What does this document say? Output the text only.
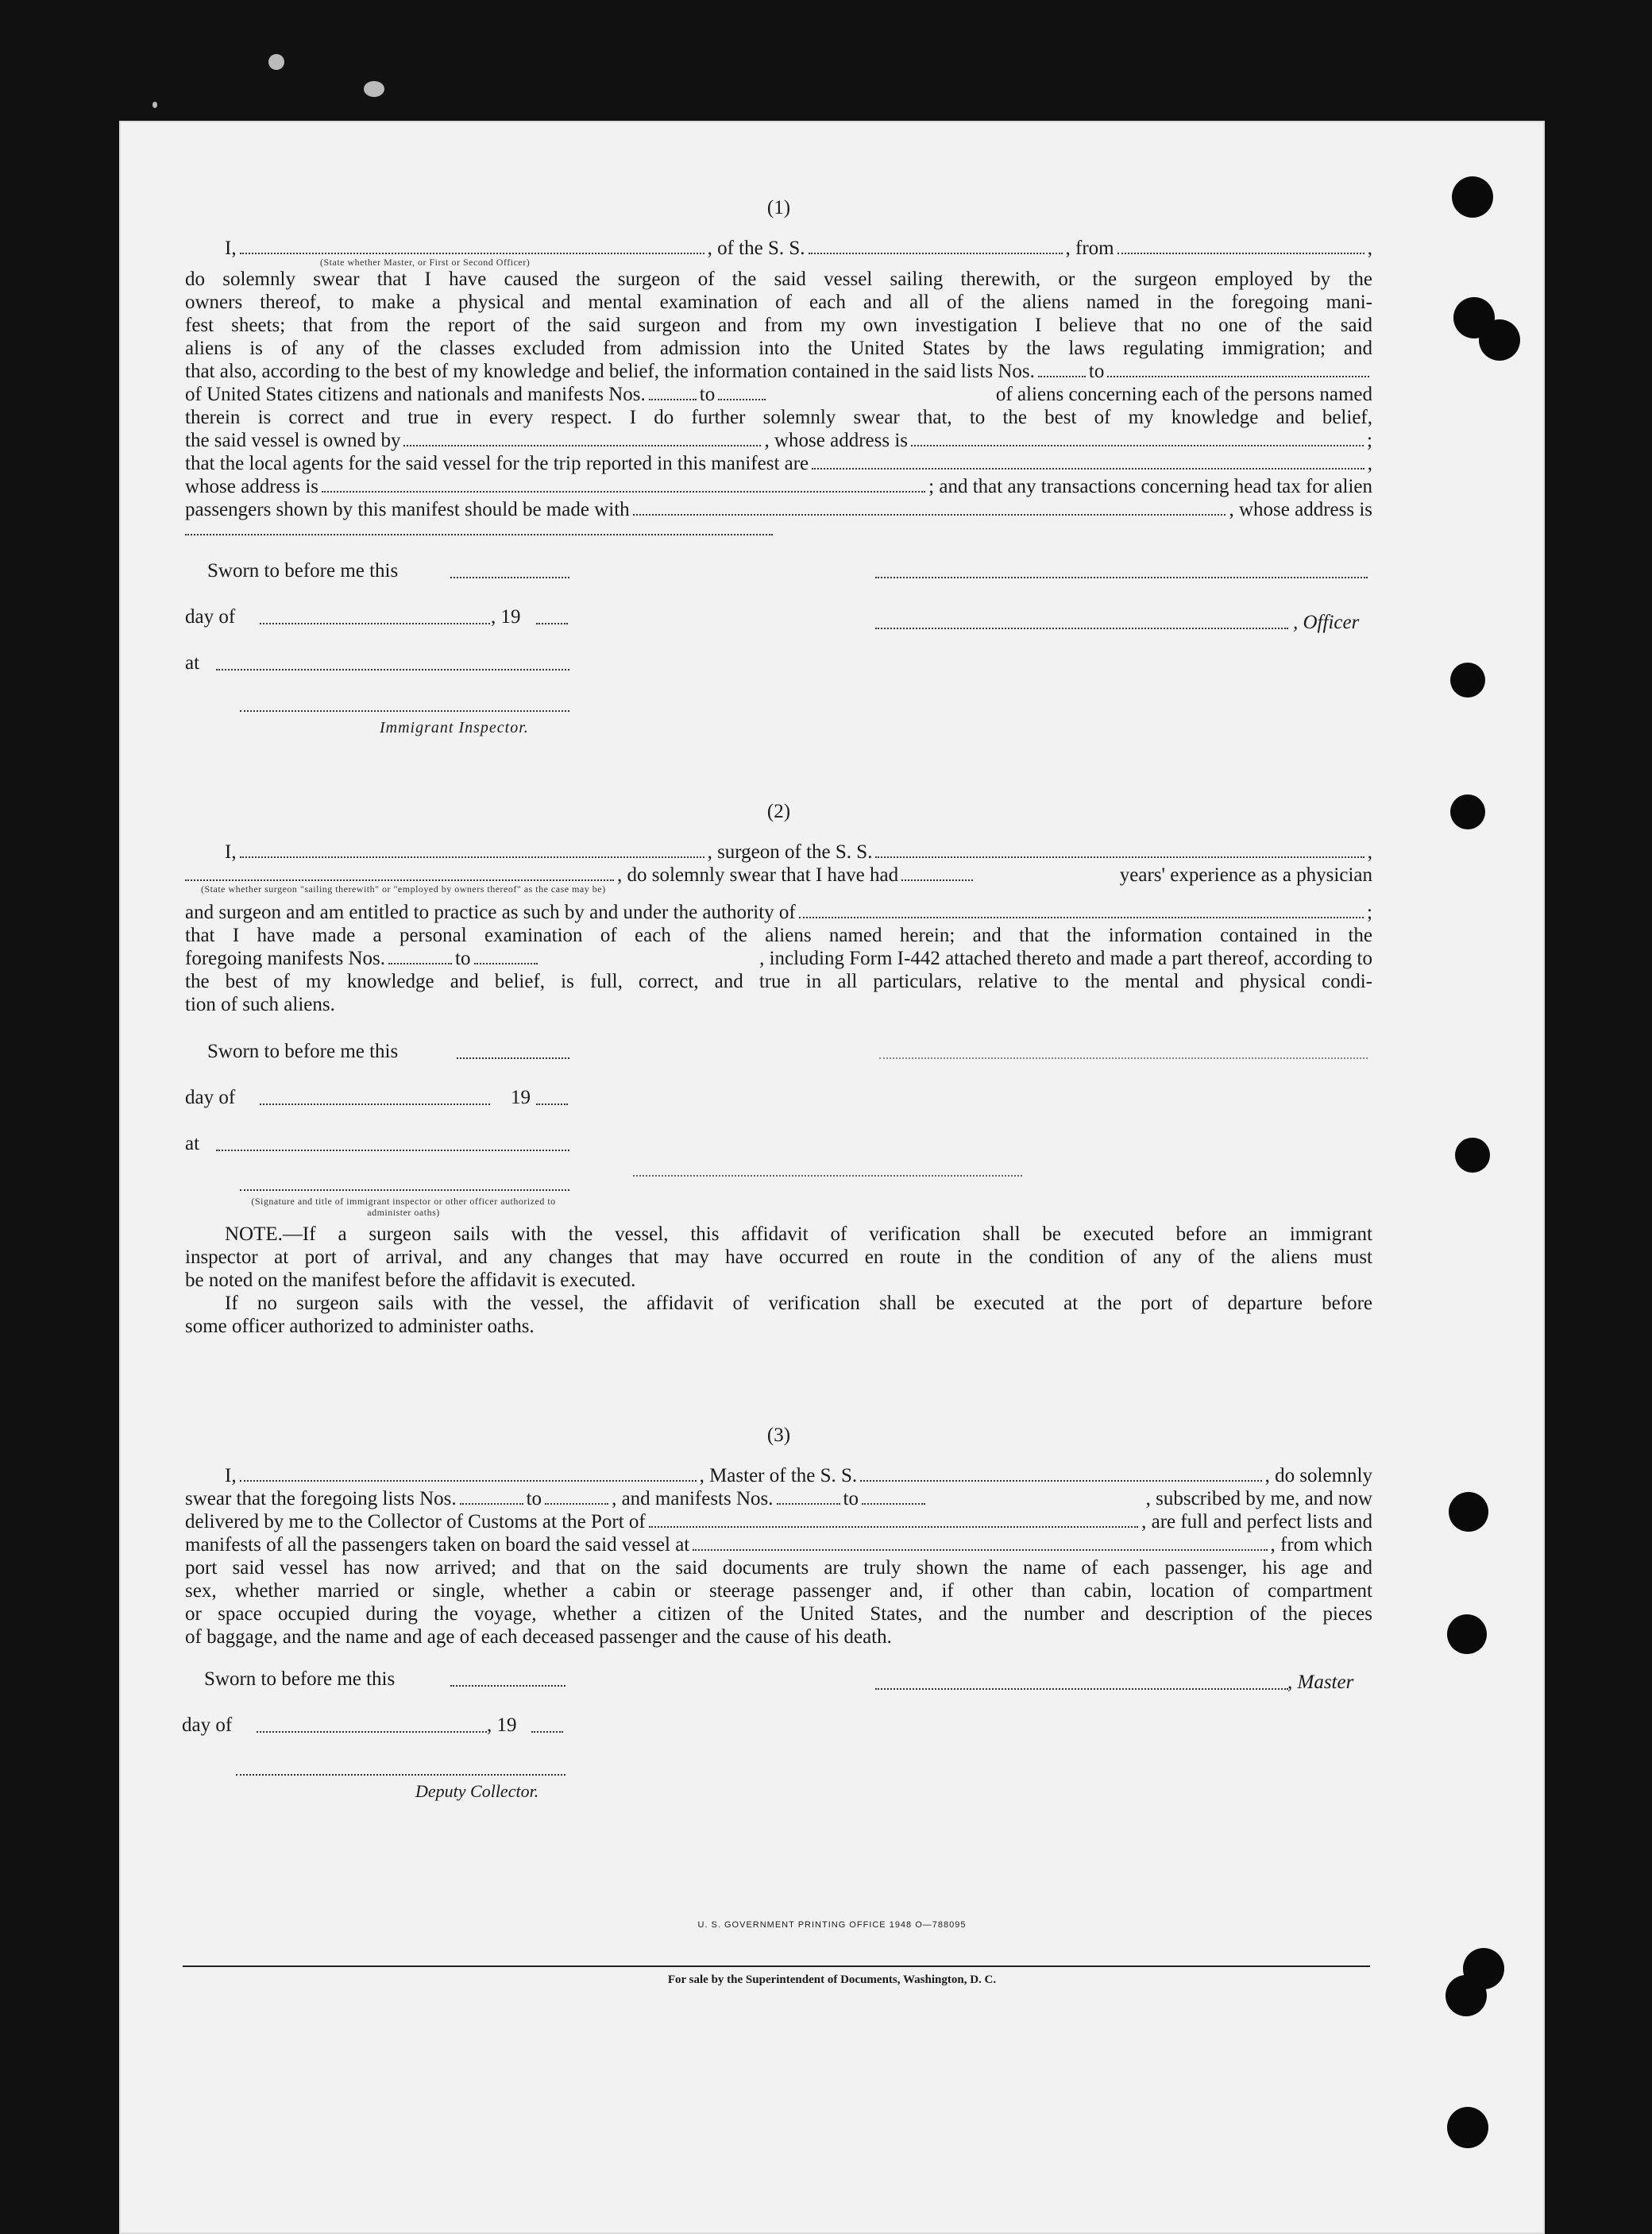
(1)

I,	, of the S. S.	, from	,
(State whether Master, or First or Second Officer)

do solemnly swear that I have caused the surgeon of the said vessel sailing therewith, or the surgeon employed by the

owners thereof, to make a physical and mental examination of each and all of the aliens named in the foregoing mani-

fest sheets; that from the report of the said surgeon and from my own investigation I believe that no one of the said

aliens is of any of the classes excluded from admission into the United States by the laws regulating immigration; and

that also, according to the best of my knowledge and belief, the information contained in the said lists Nos.	to
of United States citizens and nationals and manifests Nos.	to	of aliens concerning each of the persons named

therein is correct and true in every respect. I do further solemnly swear that, to the best of my knowledge and belief,

the said vessel is owned by	, whose address is	;
that the local agents for the said vessel for the trip reported in this manifest are	,
whose address is	; and that any transactions concerning head tax for alien
passengers shown by this manifest should be made with	, whose address is
Sworn to before me this
day of	, 19
at
Immigrant Inspector.
, Officer

(2)

I,	, surgeon of the S. S.	,
, do solemnly swear that I have had	years' experience as a physician
(State whether surgeon "sailing therewith" or "employed by owners thereof" as the case may be)
and surgeon and am entitled to practice as such by and under the authority of	;

that I have made a personal examination of each of the aliens named herein; and that the information contained in the

foregoing manifests Nos.	to	, including Form I-442 attached thereto and made a part thereof, according to

the best of my knowledge and belief, is full, correct, and true in all particulars, relative to the mental and physical condi-

tion of such aliens.

Sworn to before me this
day of	19
at
(Signature and title of immigrant inspector or other officer authorized to administer oaths)

NOTE.—If a surgeon sails with the vessel, this affidavit of verification shall be executed before an immigrant

inspector at port of arrival, and any changes that may have occurred en route in the condition of any of the aliens must

be noted on the manifest before the affidavit is executed.

If no surgeon sails with the vessel, the affidavit of verification shall be executed at the port of departure before

some officer authorized to administer oaths.

(3)

I,	, Master of the S. S.	, do solemnly
swear that the foregoing lists Nos.	to	, and manifests Nos.	to	, subscribed by me, and now
delivered by me to the Collector of Customs at the Port of	, are full and perfect lists and
manifests of all the passengers taken on board the said vessel at	, from which

port said vessel has now arrived; and that on the said documents are truly shown the name of each passenger, his age and

sex, whether married or single, whether a cabin or steerage passenger and, if other than cabin, location of compartment

or space occupied during the voyage, whether a citizen of the United States, and the number and description of the pieces

of baggage, and the name and age of each deceased passenger and the cause of his death.

Sworn to before me this	, Master
day of	, 19
Deputy Collector.
U. S. GOVERNMENT PRINTING OFFICE 1948 O—788095
For sale by the Superintendent of Documents, Washington, D. C.
